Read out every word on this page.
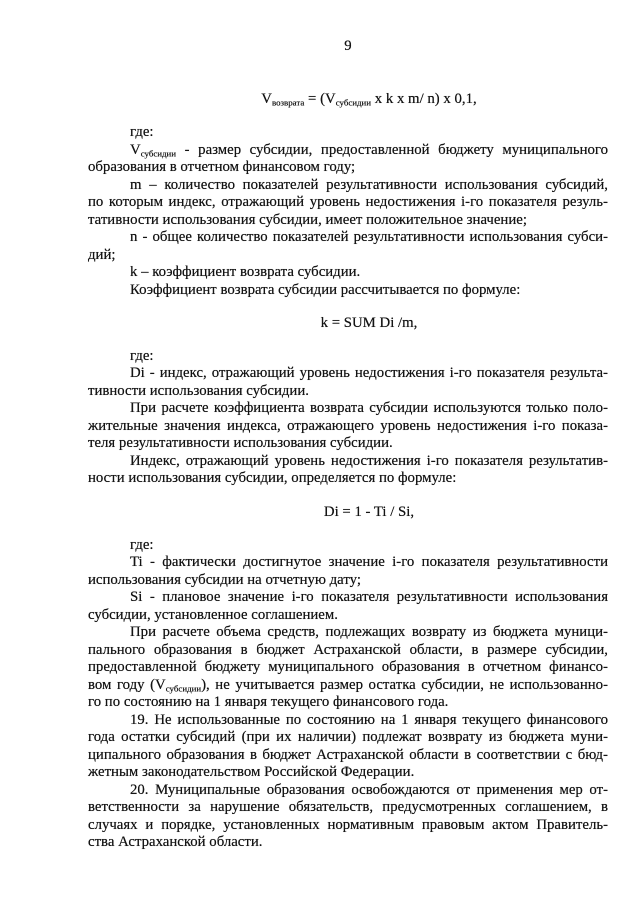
9
$V_{возврата} = (V_{субсидии}$ x k x m/ n) x 0,1,
где:
$V_{субсидии}$ - размер субсидии, предоставленной бюджету муниципального
образования в отчетном финансовом году;
m – количество показателей результативности использования субсидий,
по которым индекс, отражающий уровень недостижения i-го показателя резуль-
тативности использования субсидии, имеет положительное значение;
n - общее количество показателей результативности использования субси-
дий;
k – коэффициент возврата субсидии.
Коэффициент возврата субсидии рассчитывается по формуле:
k = SUM Di /m,
где:
Di - индекс, отражающий уровень недостижения i-го показателя результа-
тивности использования субсидии.
При расчете коэффициента возврата субсидии используются только поло-
жительные значения индекса, отражающего уровень недостижения i-го показа-
теля результативности использования субсидии.
Индекс, отражающий уровень недостижения i-го показателя результатив-
ности использования субсидии, определяется по формуле:
Di = 1 - Ti / Si,
где:
Ti - фактически достигнутое значение i-го показателя результативности
использования субсидии на отчетную дату;
Si - плановое значение i-го показателя результативности использования
субсидии, установленное соглашением.
При расчете объема средств, подлежащих возврату из бюджета муници-
пального образования в бюджет Астраханской области, в размере субсидии,
предоставленной бюджету муниципального образования в отчетном финансо-
вом году $(V_{субсидии})$, не учитывается размер остатка субсидии, не использованно-
го по состоянию на 1 января текущего финансового года.
19. Не использованные по состоянию на 1 января текущего финансового
года остатки субсидий (при их наличии) подлежат возврату из бюджета муни-
ципального образования в бюджет Астраханской области в соответствии с бюд-
жетным законодательством Российской Федерации.
20. Муниципальные образования освобождаются от применения мер от-
ветственности за нарушение обязательств, предусмотренных соглашением, в
случаях и порядке, установленных нормативным правовым актом Правитель-
ства Астраханской области.
